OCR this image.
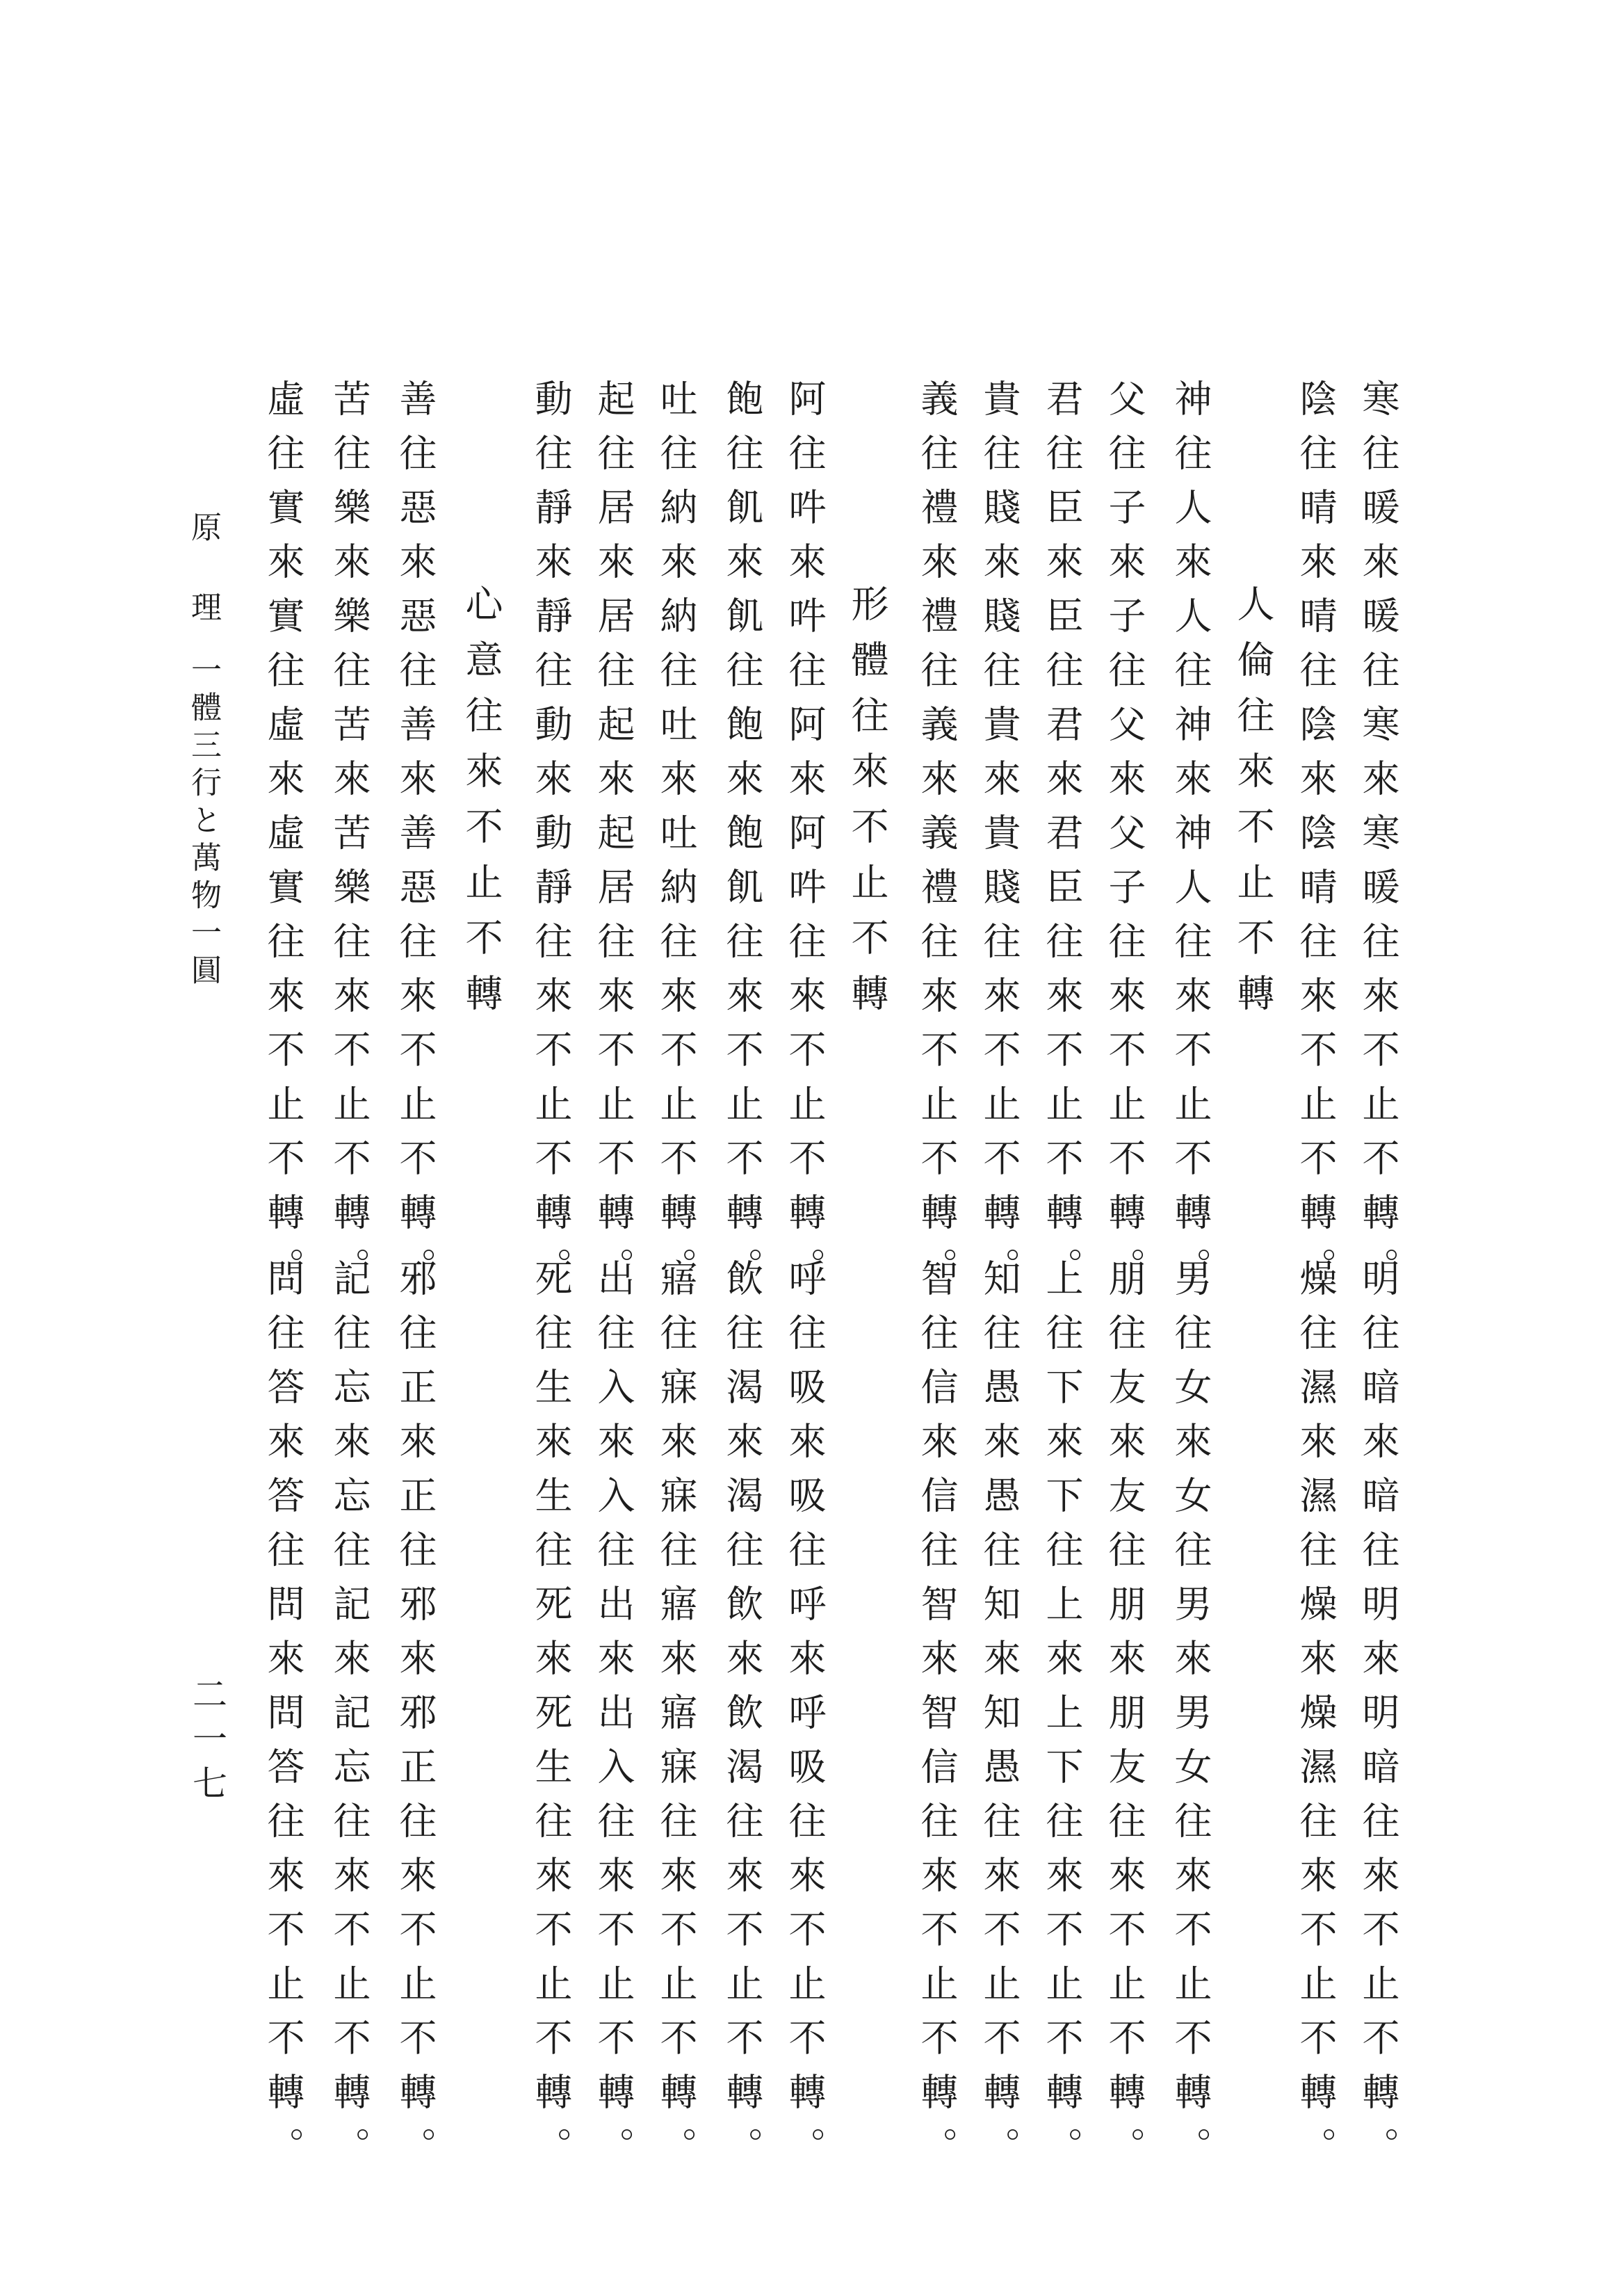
寒往暖來暖往寒來寒暖往來不止不轉。
陰往晴來晴往陰來陰晴往來不止不轉。
人倫往來不止不轉
神往人來人往神來神人往來不止不轉。
父往子來子往父來父子往來不止不轉。
君往臣來臣往君來君臣往來不止不轉。
貴往賤來賤往貴來貴賤往來不止不轉。
義往禮來禮往義來義禮往來不止不轉。
形體往來不止不轉
阿往吽來吽往阿來阿吽往來不止不轉。
飽往飢來飢往飽來飽飢往來不止不轉。
吐往納來納往吐來吐納往來不止不轉。
起往居來居往起來起居往來不止不轉。
動往靜來靜往動來動靜往來不止不轉。
心意往來不止不轉
善往惡來惡往善來善惡往來不止不轉。
苦往樂來樂往苦來苦樂往來不止不轉。
虛往實來實往虛來虛實往來不止不轉。
明往暗來暗往明來明暗往來不止不轉。
燥往濕來濕往燥來燥濕往來不止不轉。
男往女來女往男來男女往來不止不轉。
朋往友來友往朋來朋友往來不止不轉。
上往下來下往上來上下往來不止不轉。
知往愚來愚往知來知愚往來不止不轉。
智往信來信往智來智信往來不止不轉。
呼往吸來吸往呼來呼吸往來不止不轉。
飲往渴來渴往飲來飲渴往來不止不轉。
寤往寐來寐往寤來寤寐往來不止不轉。
出往入來入往出來出入往來不止不轉。
死往生來生往死來死生往來不止不轉。
邪往正來正往邪來邪正往來不止不轉。
記往忘來忘往記來記忘往來不止不轉。
問往答來答往問來問答往來不止不轉。
原 理
一體三行と萬物一圓
二一七
